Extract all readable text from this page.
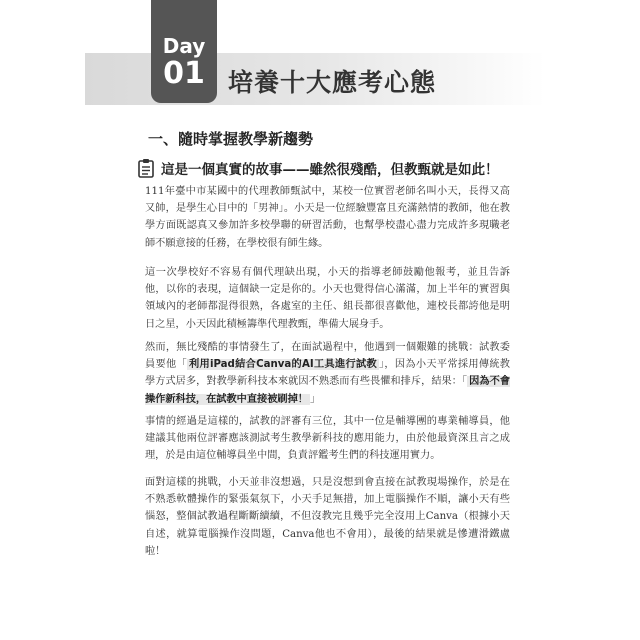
Day
01 培養十大應考心態
一、隨時掌握教學新趨勢
這是一個真實的故事——雖然很殘酷，但教甄就是如此！

111年臺中市某國中的代理教師甄試中，某校一位實習老師名叫小天，長得又高又帥，是學生心目中的「男神」。小天是一位經驗豐富且充滿熱情的教師，他在教學方面既認真又參加許多校學聯的研習活動，也幫學校盡心盡力完成許多現職老師不願意接的任務，在學校很有師生緣。

這一次學校好不容易有個代理缺出現，小天的指導老師鼓勵他報考，並且告訴他，以你的表現，這個缺一定是你的。小天也覺得信心滿滿，加上半年的實習與領域內的老師都混得很熟，各處室的主任、組長都很喜歡他，連校長都誇他是明日之星，小天因此積極籌準代理教甄，準備大展身手。

然而，無比殘酷的事情發生了，在面試過程中，他遇到一個艱難的挑戰：試教委員要他「 利用iPad結合Canva的AI工具進行試教 」，因為小天平常採用傳統教學方式居多，對教學新科技本來就因不熟悉而有些畏懼和排斥，結果：「 因為不會操作新科技，在試教中直接被刷掉！ 」

事情的經過是這樣的，試教的評審有三位，其中一位是輔導團的專業輔導員，他建議其他兩位評審應該測試考生教學新科技的應用能力，由於他最資深且言之成理，於是由這位輔導員坐中間，負責評鑑考生們的科技運用實力。

面對這樣的挑戰，小天並非沒想過，只是沒想到會直接在試教現場操作，於是在不熟悉軟體操作的緊張氣氛下，小天手足無措，加上電腦操作不順，讓小天有些惱怒，整個試教過程斷斷續續，不但沒教完且幾乎完全沒用上Canva（根據小天自述，就算電腦操作沒問題，Canva他也不會用），最後的結果就是慘遭滑鐵盧啦！
